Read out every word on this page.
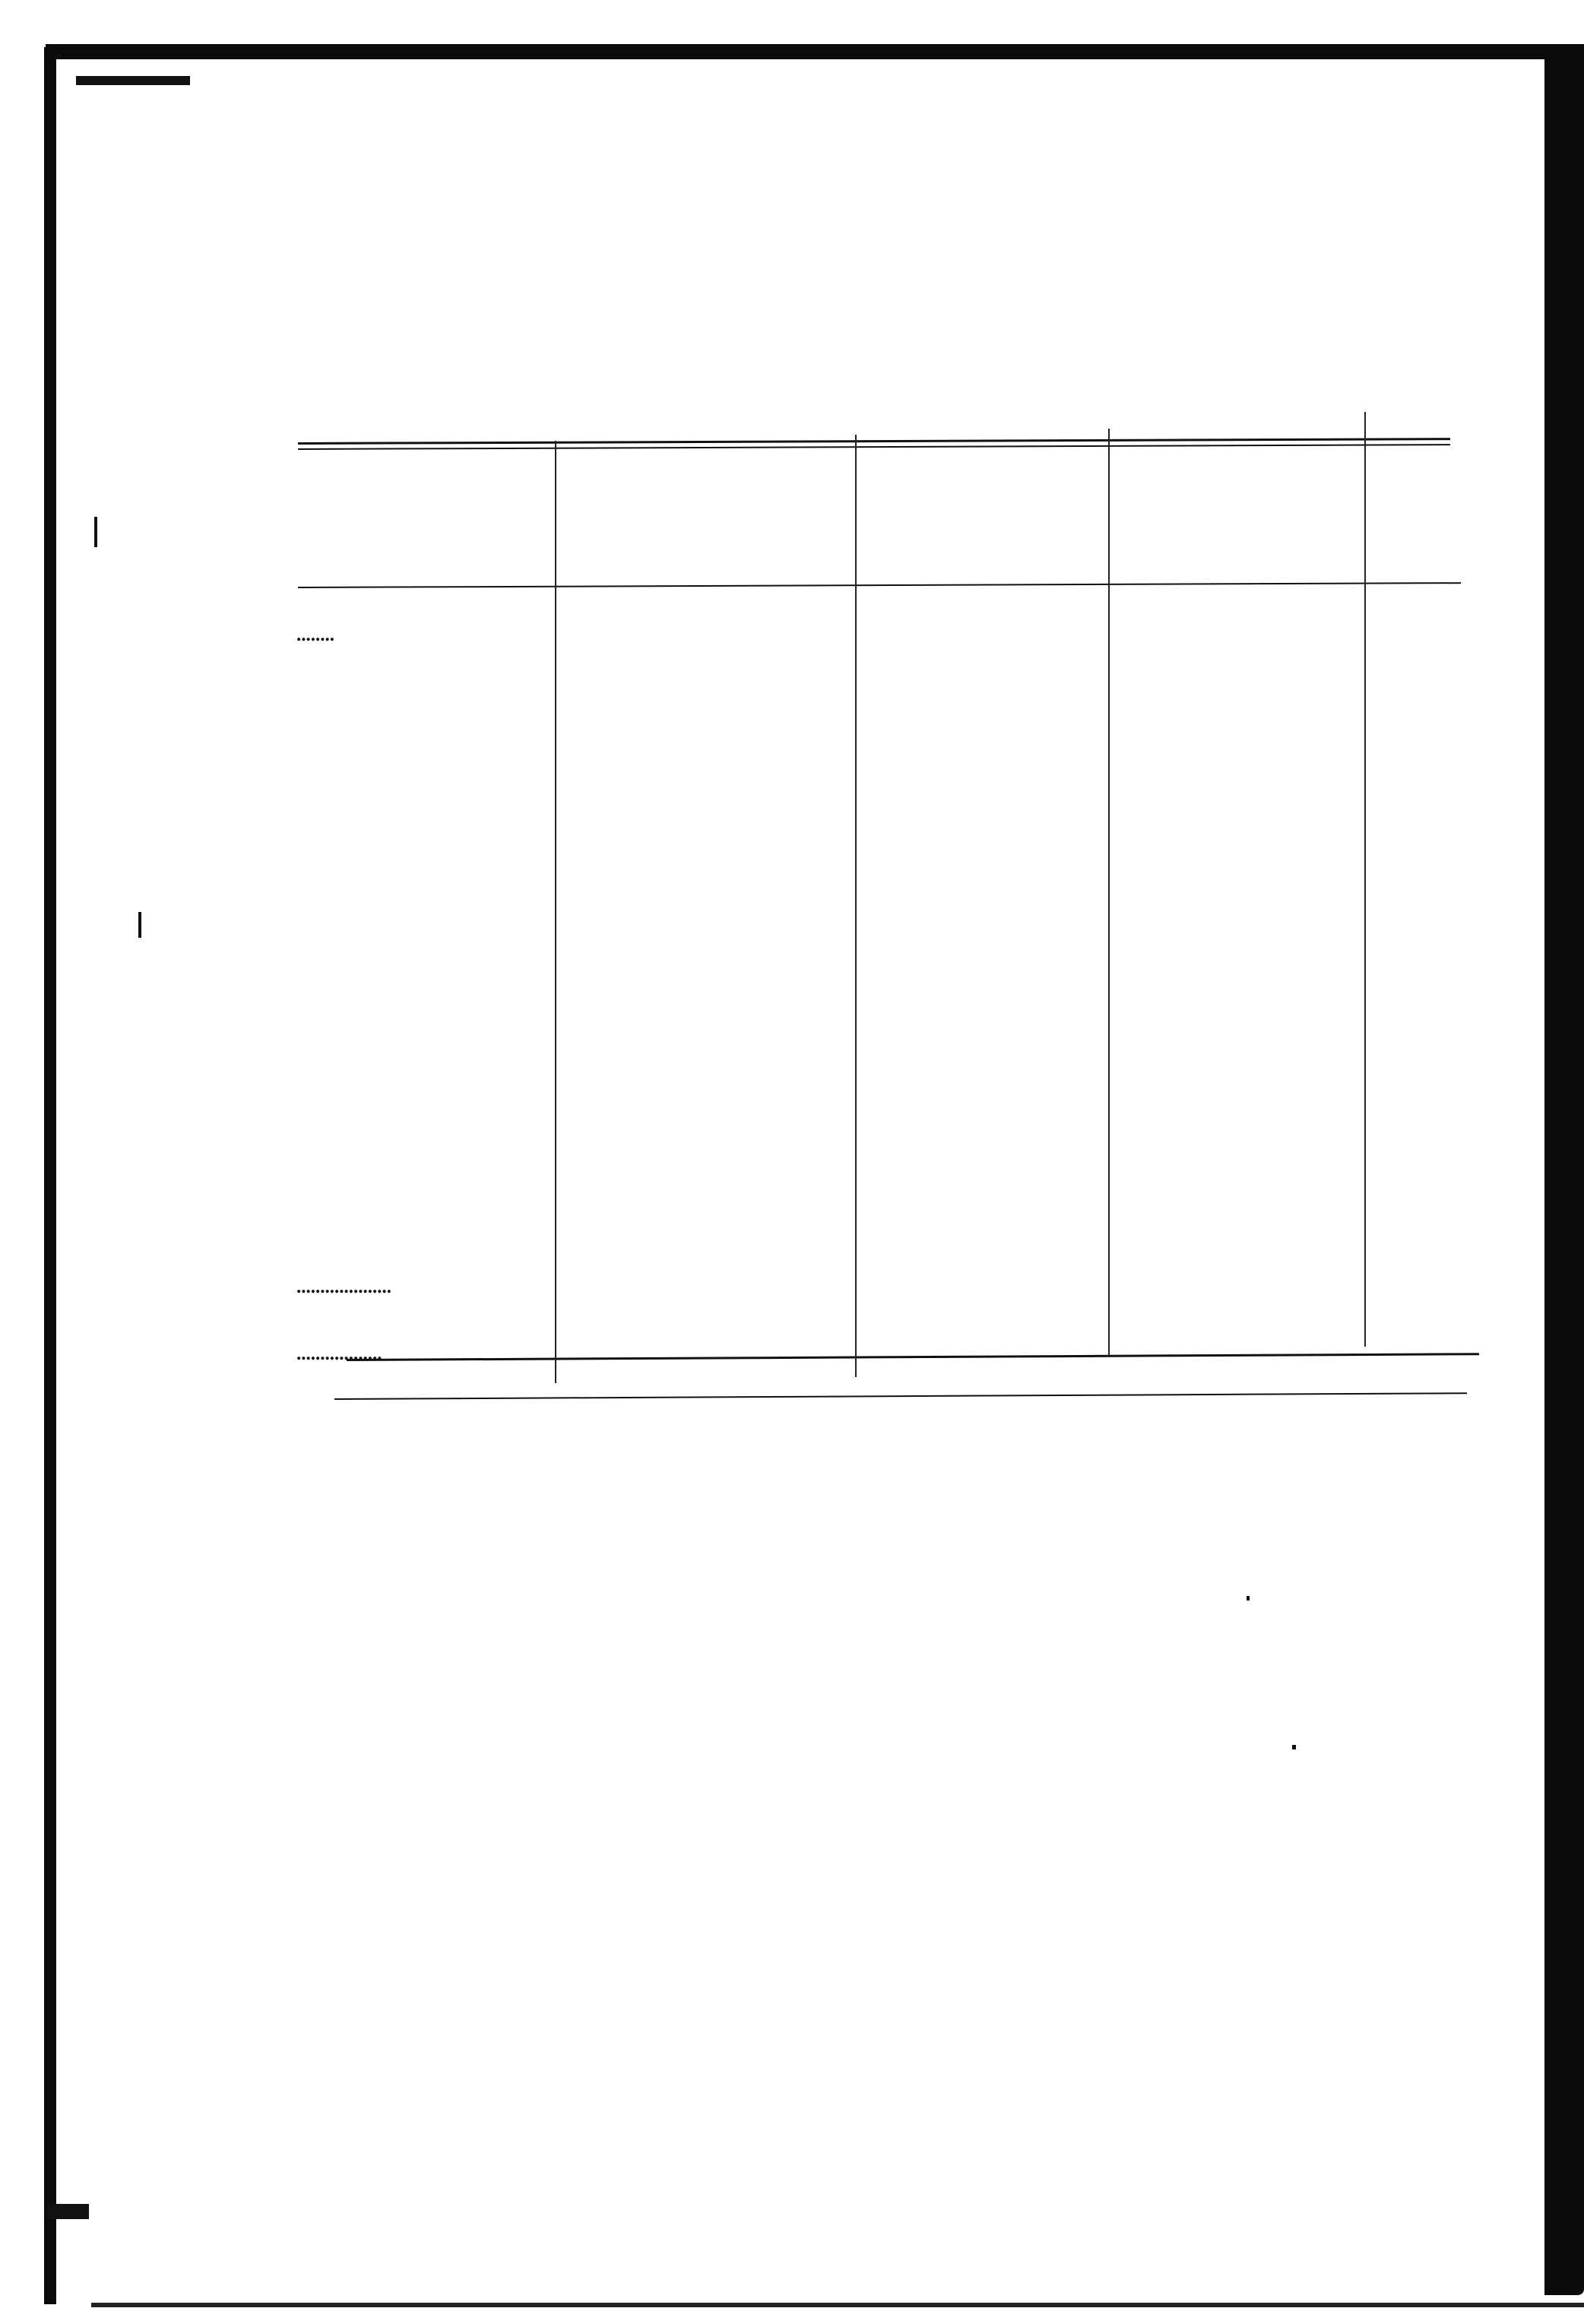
........
....................
..................
